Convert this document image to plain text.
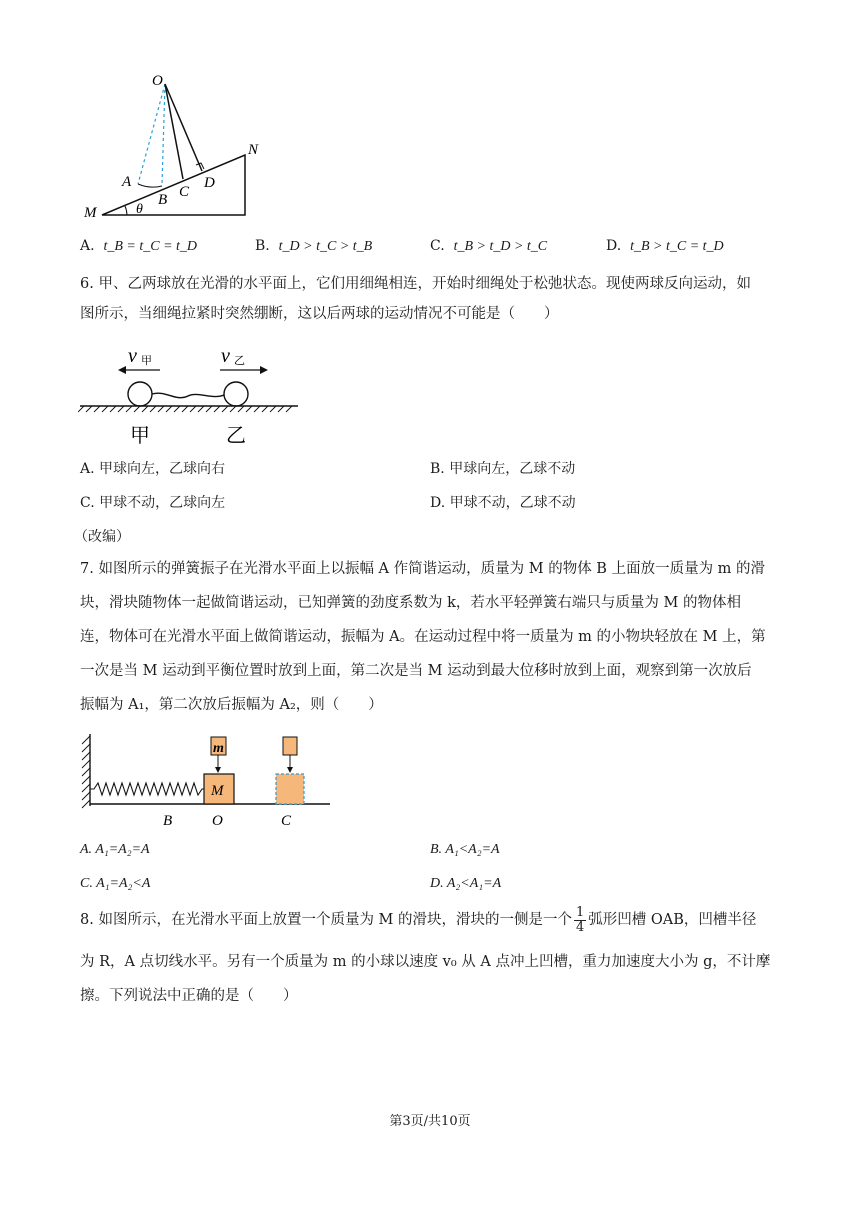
O
N
A
B C
D
M	θ
A. t_B = t_C = t_D	B. t_D > t_C > t_B	C. t_B > t_D > t_C	D. t_B > t_C = t_D
6. 甲、乙两球放在光滑的水平面上，它们用细绳相连，开始时细绳处于松弛状态。现使两球反向运动，如
图所示，当细绳拉紧时突然绷断，这以后两球的运动情况不可能是（　　）
v 甲	v 乙
甲	乙
A. 甲球向左，乙球向右	B. 甲球向左，乙球不动
C. 甲球不动，乙球向左	D. 甲球不动，乙球不动
（改编）
7. 如图所示的弹簧振子在光滑水平面上以振幅 A 作简谐运动，质量为 M 的物体 B 上面放一质量为 m 的滑
块，滑块随物体一起做简谐运动，已知弹簧的劲度系数为 k，若水平轻弹簧右端只与质量为 M 的物体相
连，物体可在光滑水平面上做简谐运动，振幅为 A。在运动过程中将一质量为 m 的小物块轻放在 M 上，第
一次是当 M 运动到平衡位置时放到上面，第二次是当 M 运动到最大位移时放到上面，观察到第一次放后
振幅为 A₁，第二次放后振幅为 A₂，则（　　）
m
M
B	O	C
A. A₁=A₂=A	B. A₁<A₂=A
C. A₁=A₂<A	D. A₂<A₁=A
8. 如图所示，在光滑水平面上放置一个质量为 M 的滑块，滑块的一侧是一个 $\frac{1}{4}$ 弧形凹槽 OAB，凹槽半径
为 R，A 点切线水平。另有一个质量为 m 的小球以速度 v₀ 从 A 点冲上凹槽，重力加速度大小为 g，不计摩
擦。下列说法中正确的是（　　）
第3页/共10页
